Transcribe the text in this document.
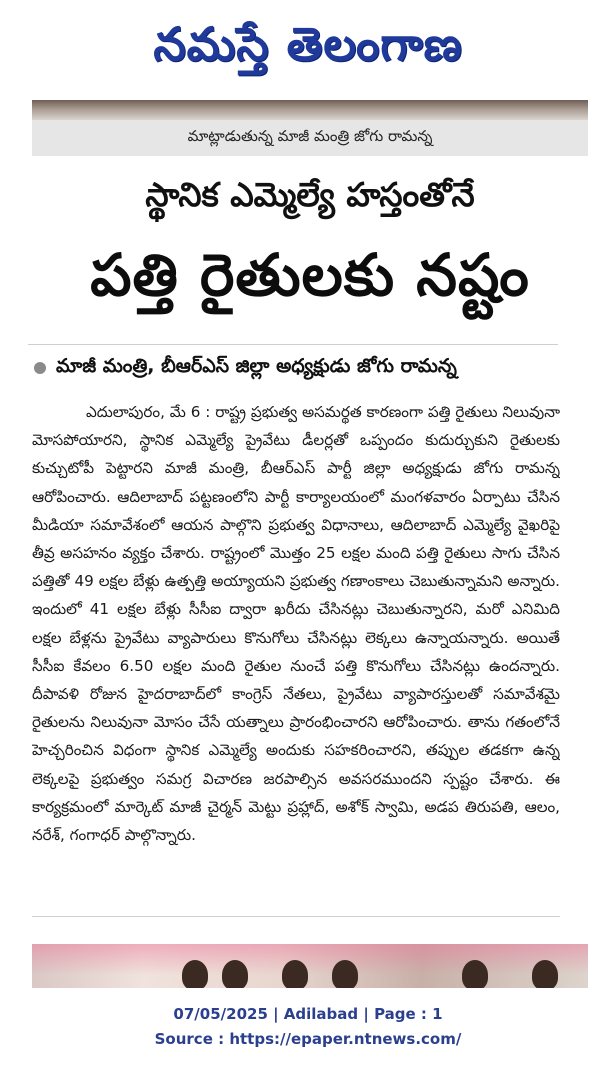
నమస్తే తెలంగాణ
మాట్లాడుతున్న మాజీ మంత్రి జోగు రామన్న
స్థానిక ఎమ్మెల్యే హస్తంతోనే
పత్తి రైతులకు నష్టం
మాజీ మంత్రి, బీఆర్ఎస్ జిల్లా అధ్యక్షుడు జోగు రామన్న
ఎదులాపురం, మే 6 : రాష్ట్ర ప్రభుత్వ అసమర్థత కారణంగా పత్తి రైతులు నిలువునా మోసపోయారని, స్థానిక ఎమ్మెల్యే ప్రైవేటు డీలర్లతో ఒప్పందం కుదుర్చుకుని రైతులకు కుచ్చుటోపీ పెట్టారని మాజీ మంత్రి, బీఆర్ఎస్ పార్టీ జిల్లా అధ్యక్షుడు జోగు రామన్న ఆరోపించారు. ఆదిలాబాద్ పట్టణంలోని పార్టీ కార్యాలయంలో మంగళవారం ఏర్పాటు చేసిన మీడియా సమావేశంలో ఆయన పాల్గొని ప్రభుత్వ విధానాలు, ఆదిలాబాద్ ఎమ్మెల్యే వైఖరిపై తీవ్ర అసహనం వ్యక్తం చేశారు. రాష్ట్రంలో మొత్తం 25 లక్షల మంది పత్తి రైతులు సాగు చేసిన పత్తితో 49 లక్షల బేళ్లు ఉత్పత్తి అయ్యాయని ప్రభుత్వ గణాంకాలు చెబుతున్నామని అన్నారు. ఇందులో 41 లక్షల బేళ్లు సీసీఐ ద్వారా ఖరీదు చేసినట్లు చెబుతున్నారని, మరో ఎనిమిది లక్షల బేళ్లను ప్రైవేటు వ్యాపారులు కొనుగోలు చేసినట్లు లెక్కలు ఉన్నాయన్నారు. అయితే సీసీఐ కేవలం 6.50 లక్షల మంది రైతుల నుంచే పత్తి కొనుగోలు చేసినట్లు ఉందన్నారు. దీపావళి రోజున హైదరాబాద్‌లో కాంగ్రెస్ నేతలు, ప్రైవేటు వ్యాపారస్తులతో సమావేశమై రైతులను నిలువునా మోసం చేసే యత్నాలు ప్రారంభించారని ఆరోపించారు. తాను గతంలోనే హెచ్చరించిన విధంగా స్థానిక ఎమ్మెల్యే అందుకు సహకరించారని, తప్పుల తడకగా ఉన్న లెక్కలపై ప్రభుత్వం సమగ్ర విచారణ జరపాల్సిన అవసరముందని స్పష్టం చేశారు. ఈ కార్యక్రమంలో మార్కెట్ మాజీ చైర్మన్ మెట్టు ప్రహ్లాద్, అశోక్ స్వామి, అడప తిరుపతి, ఆలం, నరేశ్, గంగాధర్ పాల్గొన్నారు.
07/05/2025 | Adilabad | Page : 1
Source : https://epaper.ntnews.com/
